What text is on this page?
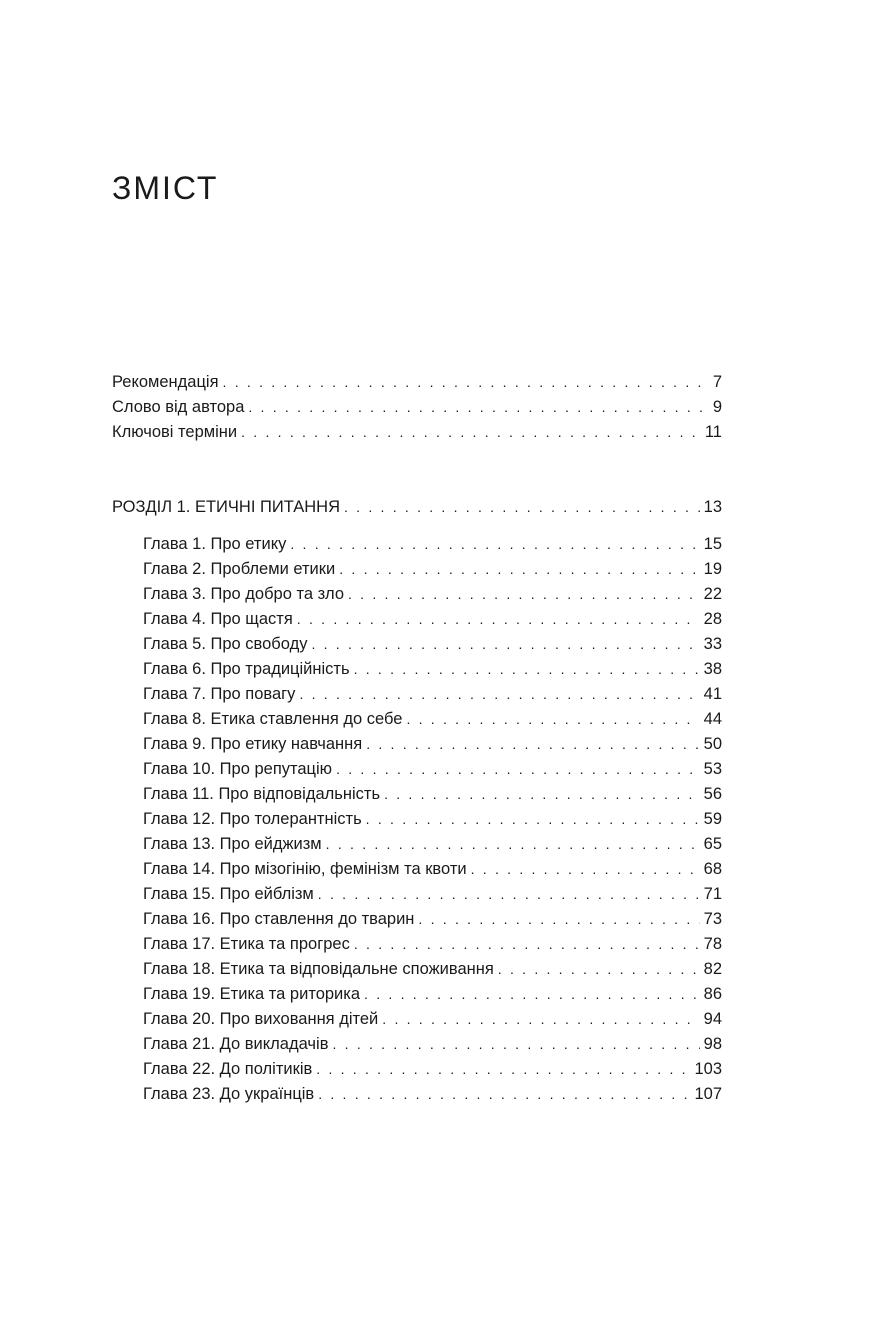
ЗМІСТ
Рекомендація . . .	7
Слово від автора . . .	9
Ключові терміни . . .	11
РОЗДІЛ 1. ЕТИЧНІ ПИТАННЯ . . .	13
Глава 1. Про етику . . .	15
Глава 2. Проблеми етики . . .	19
Глава 3. Про добро та зло . . .	22
Глава 4. Про щастя . . .	28
Глава 5. Про свободу . . .	33
Глава 6. Про традиційність . . .	38
Глава 7. Про повагу . . .	41
Глава 8. Етика ставлення до себе . . .	44
Глава 9. Про етику навчання . . .	50
Глава 10. Про репутацію . . .	53
Глава 11. Про відповідальність . . .	56
Глава 12. Про толерантність . . .	59
Глава 13. Про ейджизм . . .	65
Глава 14. Про мізогінію, фемінізм та квоти . . .	68
Глава 15. Про ейблізм . . .	71
Глава 16. Про ставлення до тварин . . .	73
Глава 17. Етика та прогрес . . .	78
Глава 18. Етика та відповідальне споживання . . .	82
Глава 19. Етика та риторика . . .	86
Глава 20. Про виховання дітей . . .	94
Глава 21. До викладачів . . .	98
Глава 22. До політиків . . .	103
Глава 23. До українців . . .	107
